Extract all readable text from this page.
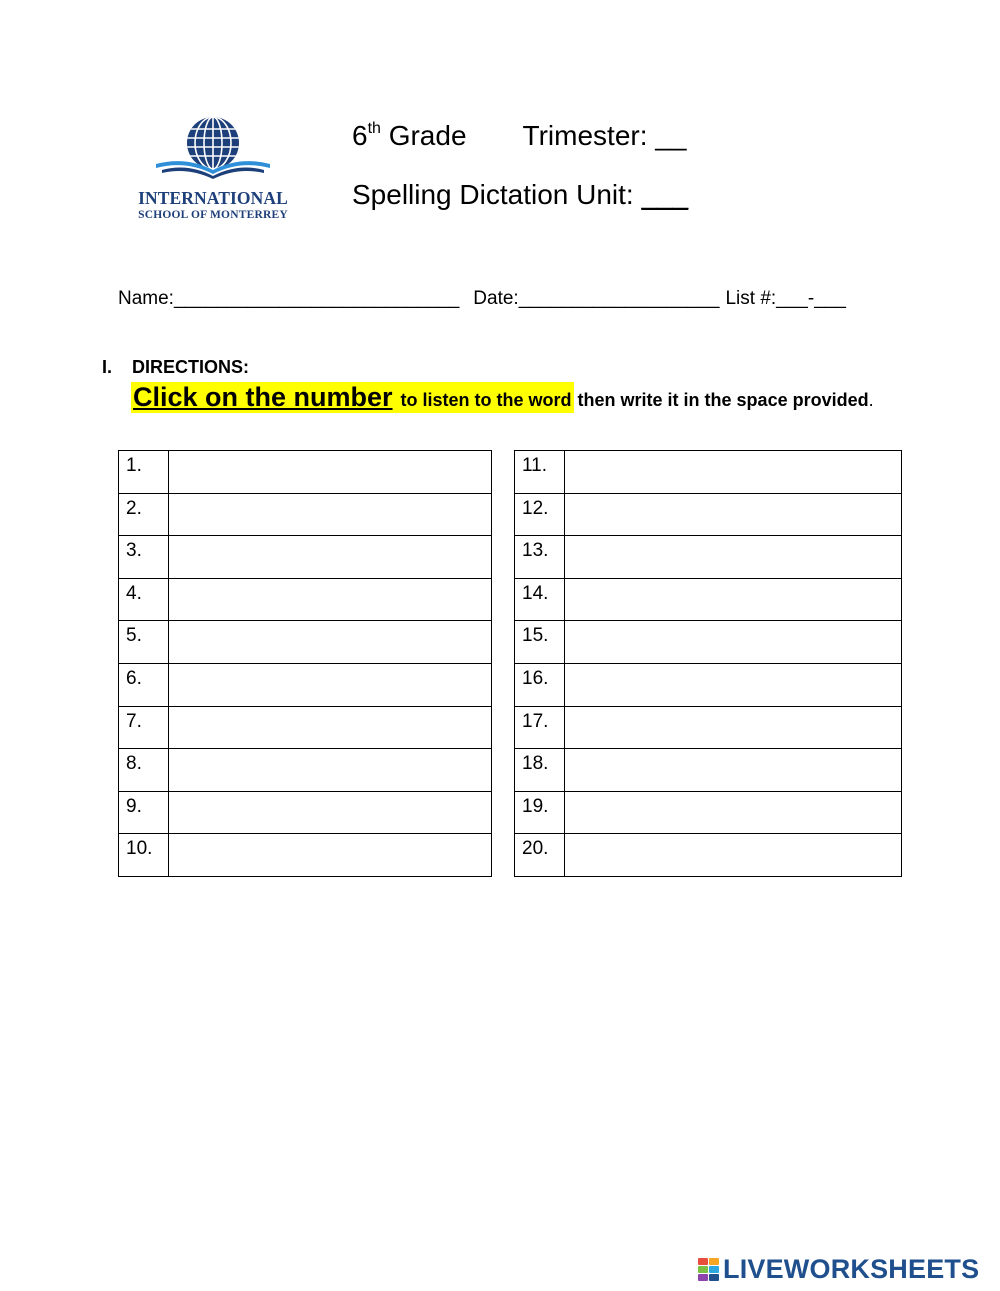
INTERNATIONAL
SCHOOL OF MONTERREY
6th Grade Trimester: __
Spelling Dictation Unit: ___
Name:___________________________ Date:___________________ List #:___-___
I. DIRECTIONS:
Click on the number to listen to the word then write it in the space provided.
1.	
2.	
3.	
4.	
5.	
6.	
7.	
8.	
9.	
10.	
11.	
12.	
13.	
14.	
15.	
16.	
17.	
18.	
19.	
20.	
LIVEWORKSHEETS
